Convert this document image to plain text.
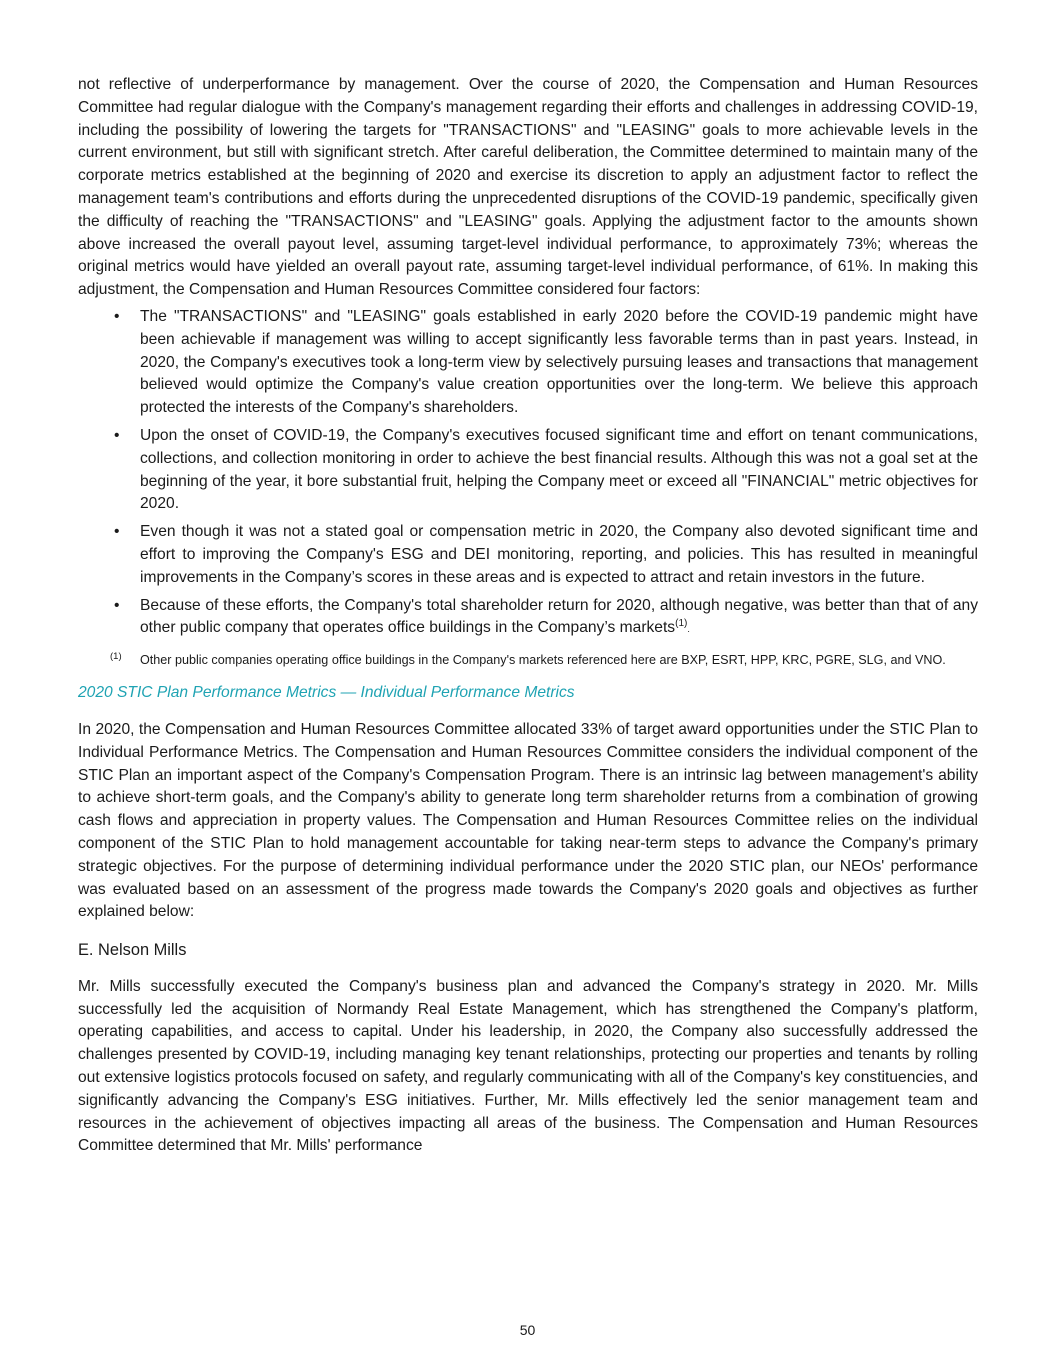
not reflective of underperformance by management. Over the course of 2020, the Compensation and Human Resources Committee had regular dialogue with the Company's management regarding their efforts and challenges in addressing COVID-19, including the possibility of lowering the targets for "TRANSACTIONS" and "LEASING" goals to more achievable levels in the current environment, but still with significant stretch. After careful deliberation, the Committee determined to maintain many of the corporate metrics established at the beginning of 2020 and exercise its discretion to apply an adjustment factor to reflect the management team's contributions and efforts during the unprecedented disruptions of the COVID-19 pandemic, specifically given the difficulty of reaching the "TRANSACTIONS" and "LEASING" goals. Applying the adjustment factor to the amounts shown above increased the overall payout level, assuming target-level individual performance, to approximately 73%; whereas the original metrics would have yielded an overall payout rate, assuming target-level individual performance, of 61%. In making this adjustment, the Compensation and Human Resources Committee considered four factors:

• The "TRANSACTIONS" and "LEASING" goals established in early 2020 before the COVID-19 pandemic might have been achievable if management was willing to accept significantly less favorable terms than in past years. Instead, in 2020, the Company's executives took a long-term view by selectively pursuing leases and transactions that management believed would optimize the Company's value creation opportunities over the long-term. We believe this approach protected the interests of the Company's shareholders.
• Upon the onset of COVID-19, the Company's executives focused significant time and effort on tenant communications, collections, and collection monitoring in order to achieve the best financial results. Although this was not a goal set at the beginning of the year, it bore substantial fruit, helping the Company meet or exceed all "FINANCIAL" metric objectives for 2020.
• Even though it was not a stated goal or compensation metric in 2020, the Company also devoted significant time and effort to improving the Company's ESG and DEI monitoring, reporting, and policies. This has resulted in meaningful improvements in the Company’s scores in these areas and is expected to attract and retain investors in the future.
• Because of these efforts, the Company's total shareholder return for 2020, although negative, was better than that of any other public company that operates office buildings in the Company’s markets$^{(1)}$.
(1) Other public companies operating office buildings in the Company's markets referenced here are BXP, ESRT, HPP, KRC, PGRE, SLG, and VNO.
2020 STIC Plan Performance Metrics — Individual Performance Metrics

In 2020, the Compensation and Human Resources Committee allocated 33% of target award opportunities under the STIC Plan to Individual Performance Metrics. The Compensation and Human Resources Committee considers the individual component of the STIC Plan an important aspect of the Company's Compensation Program. There is an intrinsic lag between management's ability to achieve short-term goals, and the Company's ability to generate long term shareholder returns from a combination of growing cash flows and appreciation in property values. The Compensation and Human Resources Committee relies on the individual component of the STIC Plan to hold management accountable for taking near-term steps to advance the Company's primary strategic objectives. For the purpose of determining individual performance under the 2020 STIC plan, our NEOs' performance was evaluated based on an assessment of the progress made towards the Company's 2020 goals and objectives as further explained below:

E. Nelson Mills

Mr. Mills successfully executed the Company's business plan and advanced the Company's strategy in 2020. Mr. Mills successfully led the acquisition of Normandy Real Estate Management, which has strengthened the Company's platform, operating capabilities, and access to capital. Under his leadership, in 2020, the Company also successfully addressed the challenges presented by COVID-19, including managing key tenant relationships, protecting our properties and tenants by rolling out extensive logistics protocols focused on safety, and regularly communicating with all of the Company's key constituencies, and significantly advancing the Company's ESG initiatives. Further, Mr. Mills effectively led the senior management team and resources in the achievement of objectives impacting all areas of the business. The Compensation and Human Resources Committee determined that Mr. Mills' performance

50
